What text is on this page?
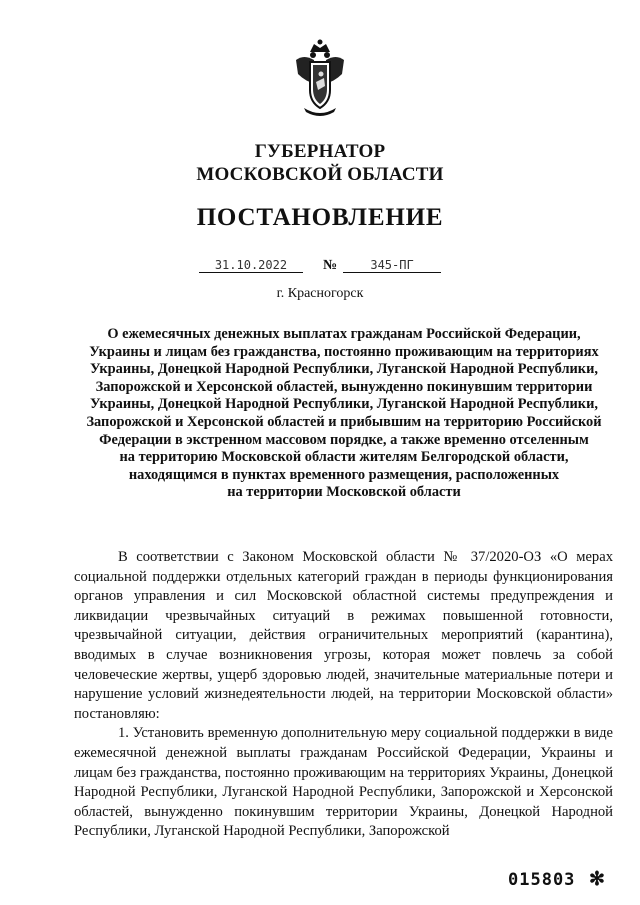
ГУБЕРНАТОР
МОСКОВСКОЙ ОБЛАСТИ
ПОСТАНОВЛЕНИЕ
31.10.2022	№	345-ПГ
г. Красногорск
О ежемесячных денежных выплатах гражданам Российской Федерации,
Украины и лицам без гражданства, постоянно проживающим на территориях
Украины, Донецкой Народной Республики, Луганской Народной Республики,
Запорожской и Херсонской областей, вынужденно покинувшим территории
Украины, Донецкой Народной Республики, Луганской Народной Республики,
Запорожской и Херсонской областей и прибывшим на территорию Российской
Федерации в экстренном массовом порядке, а также временно отселенным
на территорию Московской области жителям Белгородской области,
находящимся в пунктах временного размещения, расположенных
на территории Московской области

В соответствии с Законом Московской области № 37/2020-ОЗ «О мерах социальной поддержки отдельных категорий граждан в периоды функционирования органов управления и сил Московской областной системы предупреждения и ликвидации чрезвычайных ситуаций в режимах повышенной готовности, чрезвычайной ситуации, действия ограничительных мероприятий (карантина), вводимых в случае возникновения угрозы, которая может повлечь за собой человеческие жертвы, ущерб здоровью людей, значительные материальные потери и нарушение условий жизнедеятельности людей, на территории Московской области» постановляю:

1. Установить временную дополнительную меру социальной поддержки в виде ежемесячной денежной выплаты гражданам Российской Федерации, Украины и лицам без гражданства, постоянно проживающим на территориях Украины, Донецкой Народной Республики, Луганской Народной Республики, Запорожской и Херсонской областей, вынужденно покинувшим территории Украины, Донецкой Народной Республики, Луганской Народной Республики, Запорожской

015803 ✻
